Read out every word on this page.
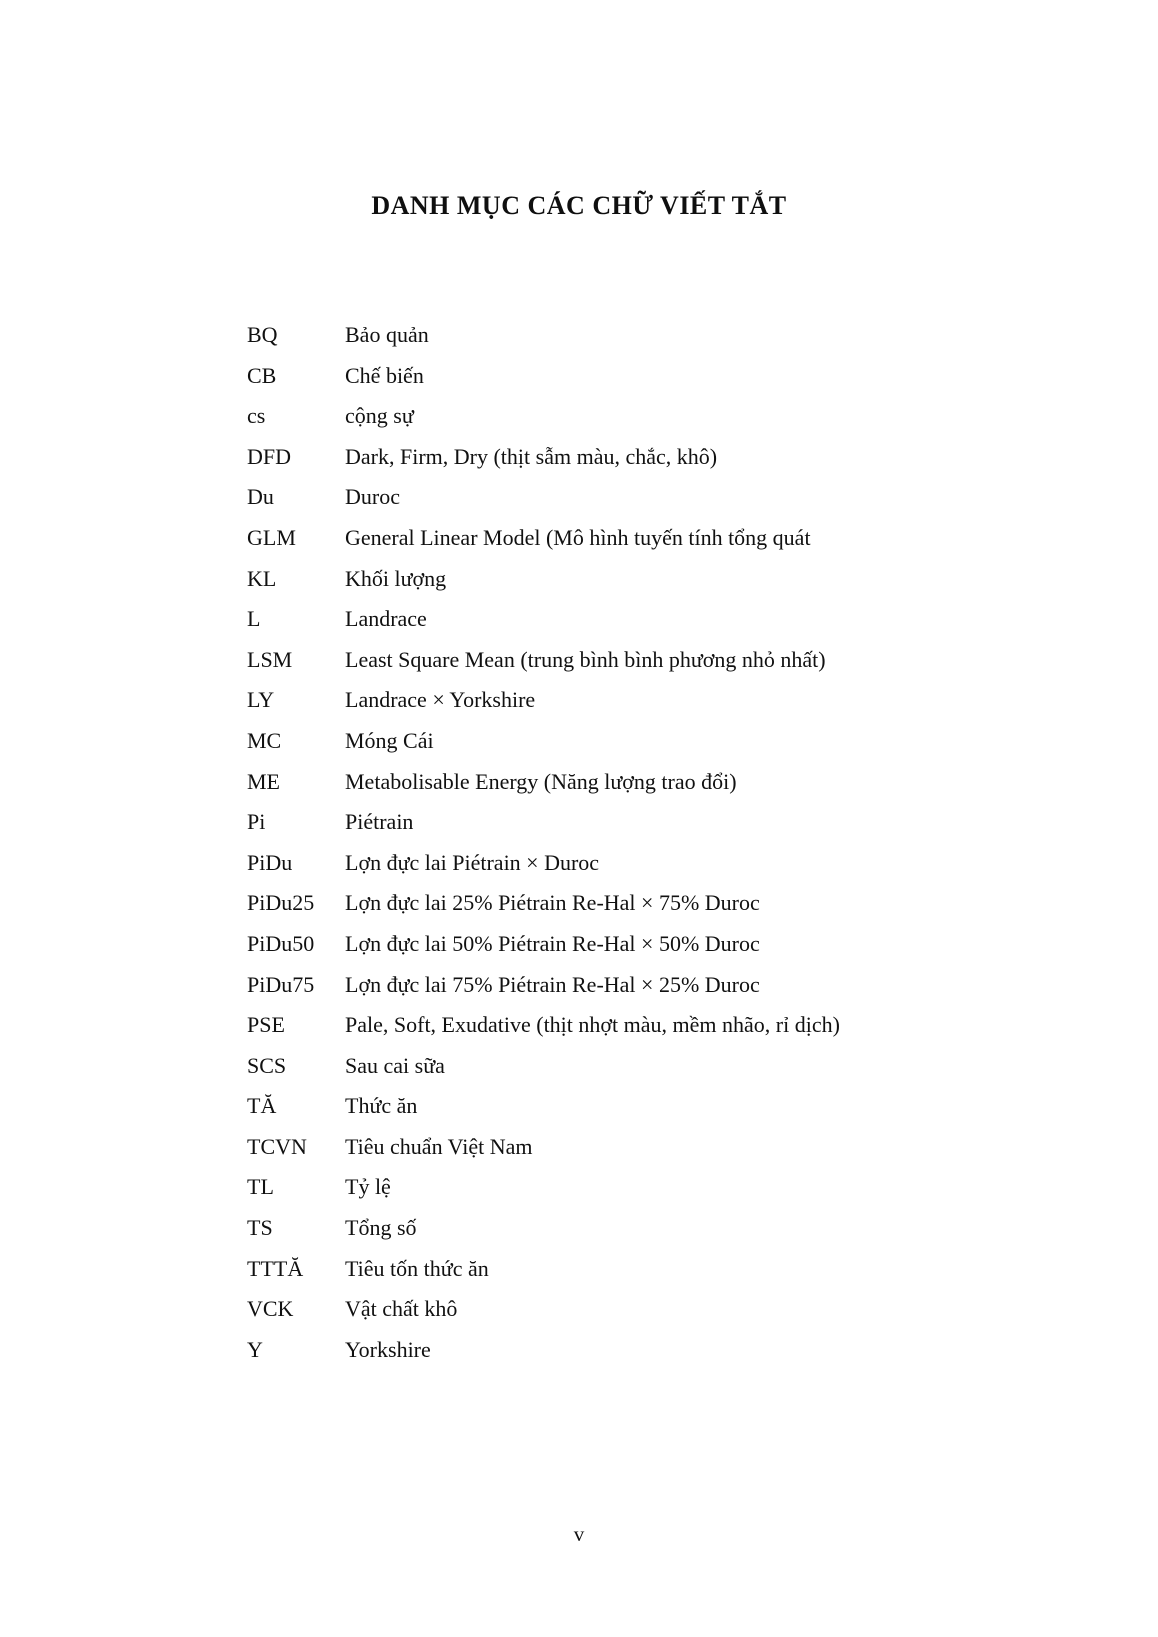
DANH MỤC CÁC CHỮ VIẾT TẮT
BQ	Bảo quản
CB	Chế biến
cs	cộng sự
DFD	Dark, Firm, Dry (thịt sẫm màu, chắc, khô)
Du	Duroc
GLM	General Linear Model (Mô hình tuyến tính tổng quát
KL	Khối lượng
L	Landrace
LSM	Least Square Mean (trung bình bình phương nhỏ nhất)
LY	Landrace × Yorkshire
MC	Móng Cái
ME	Metabolisable Energy (Năng lượng trao đổi)
Pi	Piétrain
PiDu	Lợn đực lai Piétrain × Duroc
PiDu25	Lợn đực lai 25% Piétrain Re-Hal × 75% Duroc
PiDu50	Lợn đực lai 50% Piétrain Re-Hal × 50% Duroc
PiDu75	Lợn đực lai 75% Piétrain Re-Hal × 25% Duroc
PSE	Pale, Soft, Exudative (thịt nhợt màu, mềm nhão, rỉ dịch)
SCS	Sau cai sữa
TĂ	Thức ăn
TCVN	Tiêu chuẩn Việt Nam
TL	Tỷ lệ
TS	Tổng số
TTTĂ	Tiêu tốn thức ăn
VCK	Vật chất khô
Y	Yorkshire
v
